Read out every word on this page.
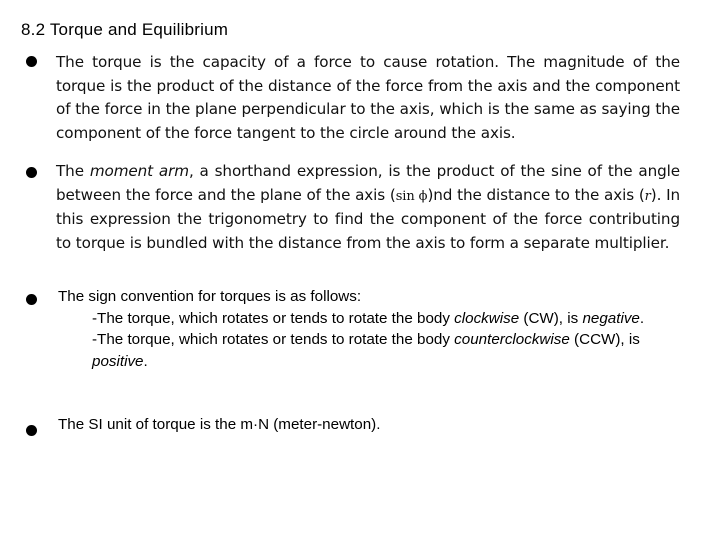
8.2 Torque and Equilibrium

The torque is the capacity of a force to cause rotation. The magnitude of the torque is the product of the distance of the force from the axis and the component of the force in the plane perpendicular to the axis, which is the same as saying the component of the force tangent to the circle around the axis.

The moment arm, a shorthand expression, is the product of the sine of the angle between the force and the plane of the axis (sin ϕ)nd the distance to the axis (r). In this expression the trigonometry to find the component of the force contributing to torque is bundled with the distance from the axis to form a separate multiplier.

The sign convention for torques is as follows:
-The torque, which rotates or tends to rotate the body clockwise (CW), is negative.
-The torque, which rotates or tends to rotate the body counterclockwise (CCW), is positive.
The SI unit of torque is the m·N (meter-newton).
